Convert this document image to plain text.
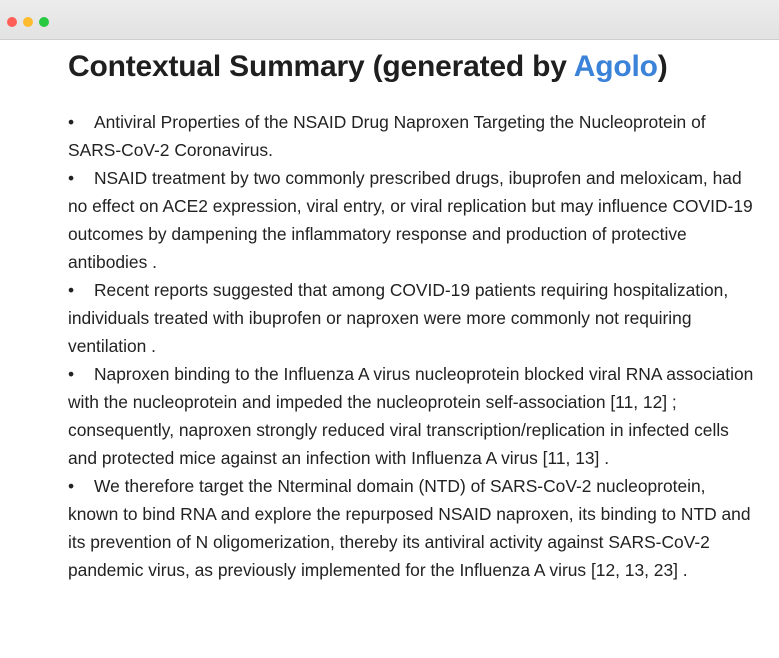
Contextual Summary (generated by Agolo)
• Antiviral Properties of the NSAID Drug Naproxen Targeting the Nucleoprotein of SARS-CoV-2 Coronavirus.
• NSAID treatment by two commonly prescribed drugs, ibuprofen and meloxicam, had no effect on ACE2 expression, viral entry, or viral replication but may influence COVID-19 outcomes by dampening the inflammatory response and production of protective antibodies .
• Recent reports suggested that among COVID-19 patients requiring hospitalization, individuals treated with ibuprofen or naproxen were more commonly not requiring ventilation .
• Naproxen binding to the Influenza A virus nucleoprotein blocked viral RNA association with the nucleoprotein and impeded the nucleoprotein self-association [11, 12] ; consequently, naproxen strongly reduced viral transcription/replication in infected cells and protected mice against an infection with Influenza A virus [11, 13] .
• We therefore target the Nterminal domain (NTD) of SARS-CoV-2 nucleoprotein, known to bind RNA and explore the repurposed NSAID naproxen, its binding to NTD and its prevention of N oligomerization, thereby its antiviral activity against SARS-CoV-2 pandemic virus, as previously implemented for the Influenza A virus [12, 13, 23] .
